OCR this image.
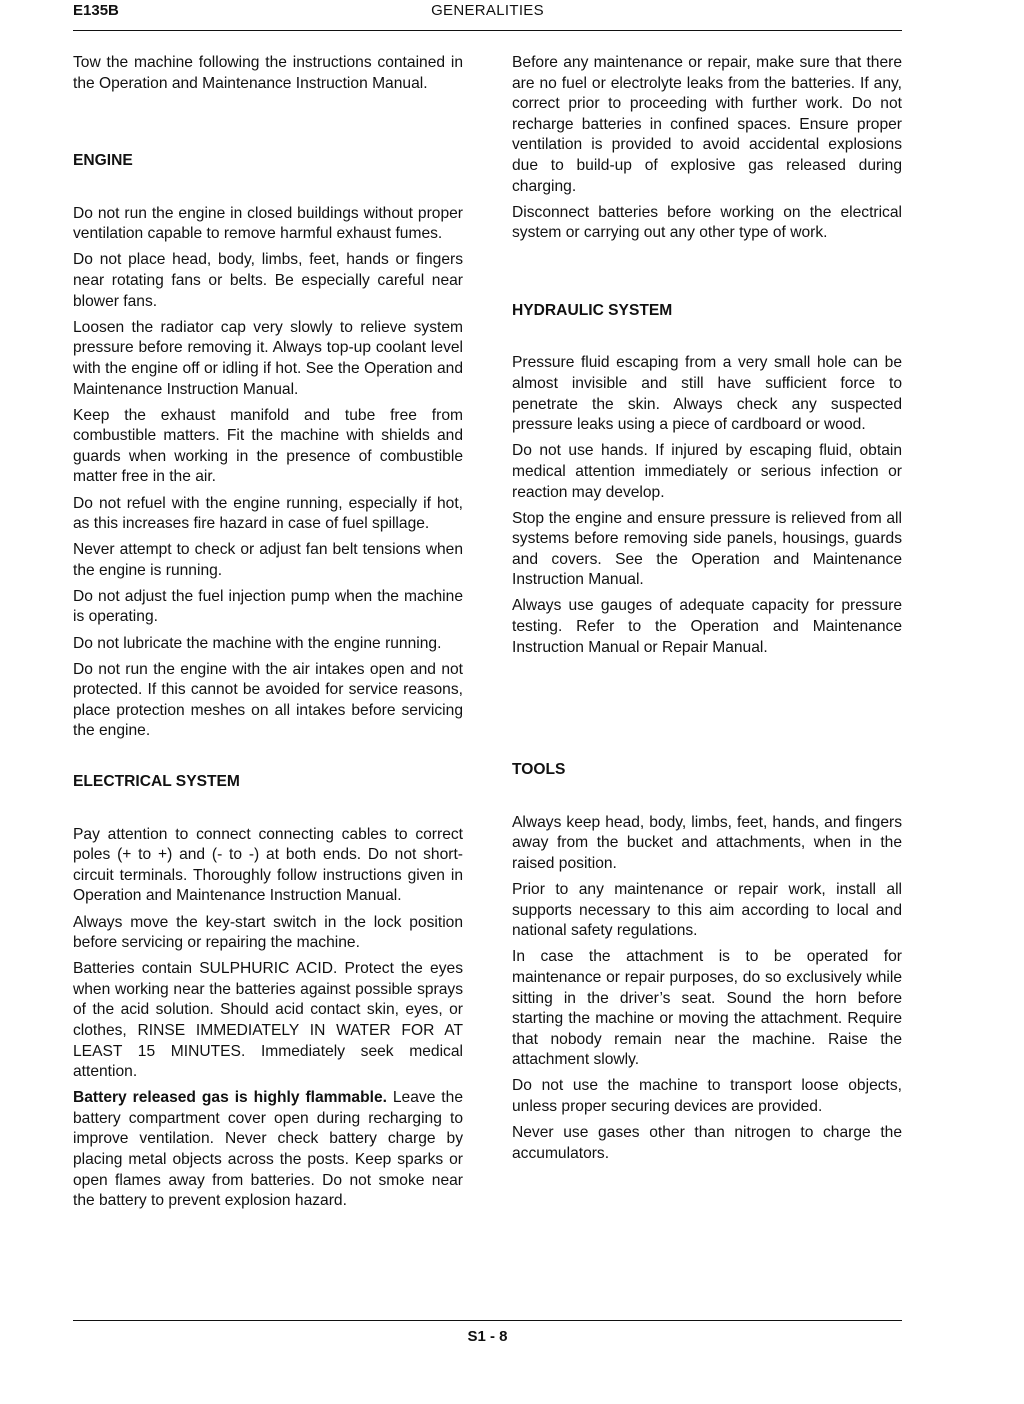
E135B	GENERALITIES

Tow the machine following the instructions contained in the Operation and Maintenance Instruction Manual.

ENGINE

Do not run the engine in closed buildings without proper ventilation capable to remove harmful exhaust fumes.

Do not place head, body, limbs, feet, hands or fingers near rotating fans or belts. Be especially careful near blower fans.

Loosen the radiator cap very slowly to relieve system pressure before removing it. Always top-up coolant level with the engine off or idling if hot. See the Operation and Maintenance Instruction Manual.

Keep the exhaust manifold and tube free from combustible matters. Fit the machine with shields and guards when working in the presence of combustible matter free in the air.

Do not refuel with the engine running, especially if hot, as this increases fire hazard in case of fuel spillage.

Never attempt to check or adjust fan belt tensions when the engine is running.

Do not adjust the fuel injection pump when the machine is operating.

Do not lubricate the machine with the engine running.

Do not run the engine with the air intakes open and not protected. If this cannot be avoided for service reasons, place protection meshes on all intakes before servicing the engine.

ELECTRICAL SYSTEM

Pay attention to connect connecting cables to correct poles (+ to +) and (- to -) at both ends. Do not short-circuit terminals. Thoroughly follow instructions given in Operation and Maintenance Instruction Manual.

Always move the key-start switch in the lock position before servicing or repairing the machine.

Batteries contain SULPHURIC ACID. Protect the eyes when working near the batteries against possible sprays of the acid solution. Should acid contact skin, eyes, or clothes, RINSE IMMEDIATELY IN WATER FOR AT LEAST 15 MINUTES. Immediately seek medical attention.

Battery released gas is highly flammable. Leave the battery compartment cover open during recharging to improve ventilation. Never check battery charge by placing metal objects across the posts. Keep sparks or open flames away from batteries. Do not smoke near the battery to prevent explosion hazard.

Before any maintenance or repair, make sure that there are no fuel or electrolyte leaks from the batteries. If any, correct prior to proceeding with further work. Do not recharge batteries in confined spaces. Ensure proper ventilation is provided to avoid accidental explosions due to build-up of explosive gas released during charging.

Disconnect batteries before working on the electrical system or carrying out any other type of work.

HYDRAULIC SYSTEM

Pressure fluid escaping from a very small hole can be almost invisible and still have sufficient force to penetrate the skin. Always check any suspected pressure leaks using a piece of cardboard or wood.

Do not use hands. If injured by escaping fluid, obtain medical attention immediately or serious infection or reaction may develop.

Stop the engine and ensure pressure is relieved from all systems before removing side panels, housings, guards and covers. See the Operation and Maintenance Instruction Manual.

Always use gauges of adequate capacity for pressure testing. Refer to the Operation and Maintenance Instruction Manual or Repair Manual.

TOOLS

Always keep head, body, limbs, feet, hands, and fingers away from the bucket and attachments, when in the raised position.

Prior to any maintenance or repair work, install all supports necessary to this aim according to local and national safety regulations.

In case the attachment is to be operated for maintenance or repair purposes, do so exclusively while sitting in the driver’s seat. Sound the horn before starting the machine or moving the attachment. Require that nobody remain near the machine. Raise the attachment slowly.

Do not use the machine to transport loose objects, unless proper securing devices are provided.

Never use gases other than nitrogen to charge the accumulators.

S1 - 8
